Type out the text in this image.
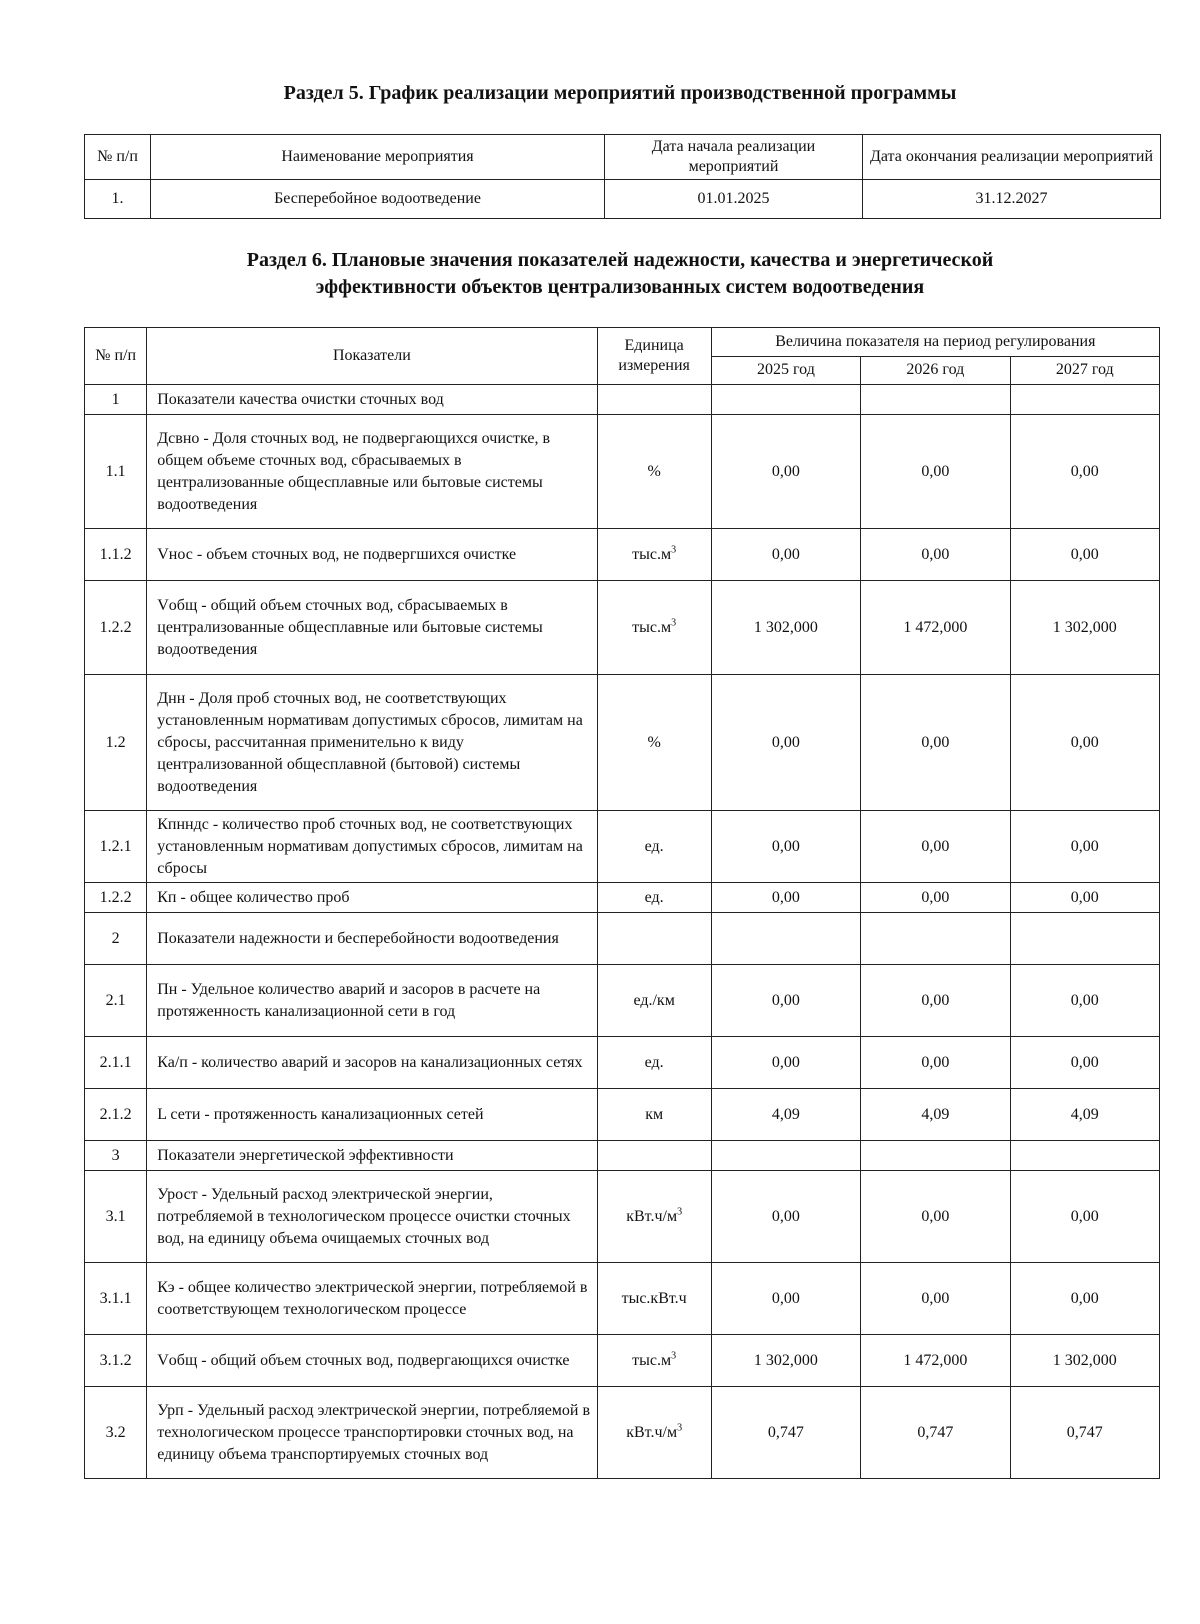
Раздел 5. График реализации мероприятий производственной программы
№ п/п	Наименование мероприятия	Дата начала реализации мероприятий	Дата окончания реализации мероприятий
1.	Бесперебойное водоотведение	01.01.2025	31.12.2027
Раздел 6. Плановые значения показателей надежности, качества и энергетической
эффективности объектов централизованных систем водоотведения
№ п/п	Показатели	Единица измерения	Величина показателя на период регулирования		
			2025 год	2026 год	2027 год
1	Показатели качества очистки сточных вод				
1.1	Дсвно - Доля сточных вод, не подвергающихся очистке, в общем объеме сточных вод, сбрасываемых в централизованные общесплавные или бытовые системы водоотведения	%	0,00	0,00	0,00
1.1.2	Vнос - объем сточных вод, не подвергшихся очистке	$тыс.м^3$	0,00	0,00	0,00
1.2.2	Vобщ - общий объем сточных вод, сбрасываемых в централизованные общесплавные или бытовые системы водоотведения	$тыс.м^3$	1 302,000	1 472,000	1 302,000
1.2	Днн - Доля проб сточных вод, не соответствующих установленным нормативам допустимых сбросов, лимитам на сбросы, рассчитанная применительно к виду централизованной общесплавной (бытовой) системы водоотведения	%	0,00	0,00	0,00
1.2.1	Кпнндс - количество проб сточных вод, не соответствующих установленным нормативам допустимых сбросов, лимитам на сбросы	ед.	0,00	0,00	0,00
1.2.2	Кп - общее количество проб	ед.	0,00	0,00	0,00
2	Показатели надежности и бесперебойности водоотведения				
2.1	Пн - Удельное количество аварий и засоров в расчете на протяженность канализационной сети в год	ед./км	0,00	0,00	0,00
2.1.1	Ка/п - количество аварий и засоров на канализационных сетях	ед.	0,00	0,00	0,00
2.1.2	L сети - протяженность канализационных сетей	км	4,09	4,09	4,09
3	Показатели энергетической эффективности				
3.1	Урост - Удельный расход электрической энергии, потребляемой в технологическом процессе очистки сточных вод, на единицу объема очищаемых сточных вод	$кВт.ч/м^3$	0,00	0,00	0,00
3.1.1	Кэ - общее количество электрической энергии, потребляемой в соответствующем технологическом процессе	тыс.кВт.ч	0,00	0,00	0,00
3.1.2	Vобщ - общий объем сточных вод, подвергающихся очистке	$тыс.м^3$	1 302,000	1 472,000	1 302,000
3.2	Урп - Удельный расход электрической энергии, потребляемой в технологическом процессе транспортировки сточных вод, на единицу объема транспортируемых сточных вод	$кВт.ч/м^3$	0,747	0,747	0,747
